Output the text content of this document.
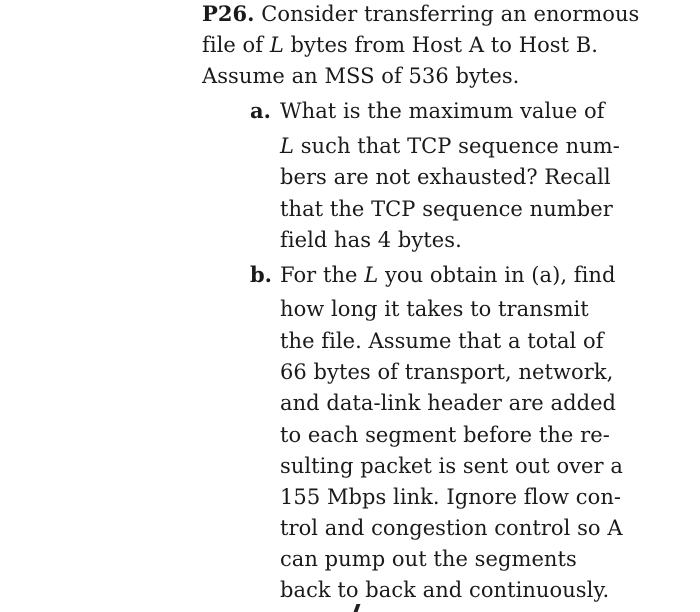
P26. Consider transferring an enormous
file of L bytes from Host A to Host B.
Assume an MSS of 536 bytes.
a. What is the maximum value of
L such that TCP sequence num-
bers are not exhausted? Recall
that the TCP sequence number
field has 4 bytes.
b. For the L you obtain in (a), find
how long it takes to transmit
the file. Assume that a total of
66 bytes of transport, network,
and data-link header are added
to each segment before the re-
sulting packet is sent out over a
155 Mbps link. Ignore flow con-
trol and congestion control so A
can pump out the segments
back to back and continuously.
